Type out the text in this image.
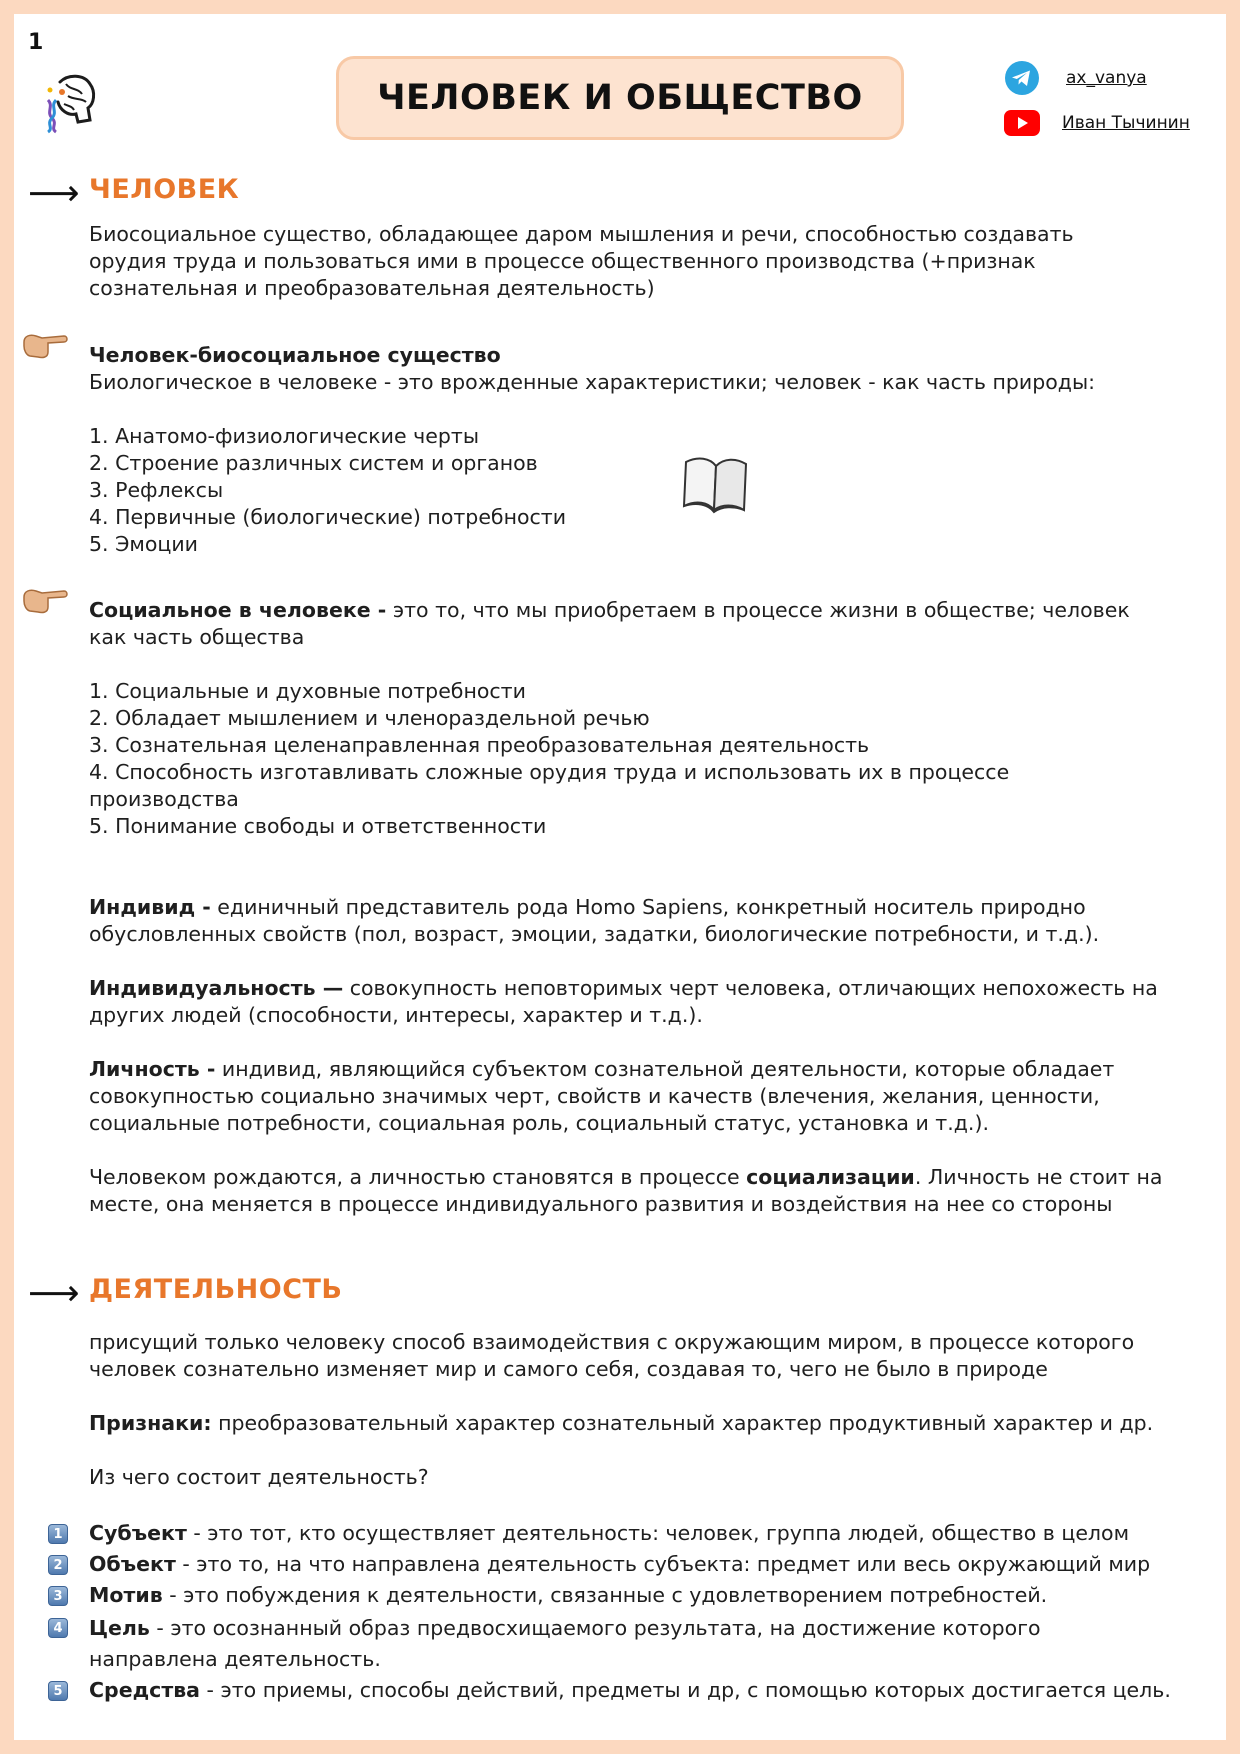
1
ЧЕЛОВЕК И ОБЩЕСТВО	ax_vanya
Иван Тычинин
⟶ ЧЕЛОВЕК

Биосоциальное существо, обладающее даром мышления и речи, способностью создавать

орудия труда и пользоваться ими в процессе общественного производства (+признак

сознательная и преобразовательная деятельность)

Человек-биосоциальное существо

Биологическое в человеке - это врожденные характеристики; человек - как часть природы:

1. Анатомо-физиологические черты

2. Строение различных систем и органов

3. Рефлексы

4. Первичные (биологические) потребности

5. Эмоции

Социальное в человеке - это то, что мы приобретаем в процессе жизни в обществе; человек

как часть общества

1. Социальные и духовные потребности

2. Обладает мышлением и членораздельной речью

3. Сознательная целенаправленная преобразовательная деятельность

4. Способность изготавливать сложные орудия труда и использовать их в процессе

производства

5. Понимание свободы и ответственности

Индивид - единичный представитель рода Homo Sapiens, конкретный носитель природно

обусловленных свойств (пол, возраст, эмоции, задатки, биологические потребности, и т.д.).

Индивидуальность — совокупность неповторимых черт человека, отличающих непохожесть на

других людей (способности, интересы, характер и т.д.).

Личность - индивид, являющийся субъектом сознательной деятельности, которые обладает

совокупностью социально значимых черт, свойств и качеств (влечения, желания, ценности,

социальные потребности, социальная роль, социальный статус, установка и т.д.).

Человеком рождаются, а личностью становятся в процессе социализации. Личность не стоит на

месте, она меняется в процессе индивидуального развития и воздействия на нее со стороны

⟶ ДЕЯТЕЛЬНОСТЬ

присущий только человеку способ взаимодействия с окружающим миром, в процессе которого

человек сознательно изменяет мир и самого себя, создавая то, чего не было в природе

Признаки: преобразовательный характер сознательный характер продуктивный характер и др.

Из чего состоит деятельность?

1 Субъект - это тот, кто осуществляет деятельность: человек, группа людей, общество в целом
2 Объект - это то, на что направлена деятельность субъекта: предмет или весь окружающий мир
3 Мотив - это побуждения к деятельности, связанные с удовлетворением потребностей.
4 Цель - это осознанный образ предвосхищаемого результата, на достижение которого
направлена деятельность.
5 Средства - это приемы, способы действий, предметы и др, с помощью которых достигается цель.
